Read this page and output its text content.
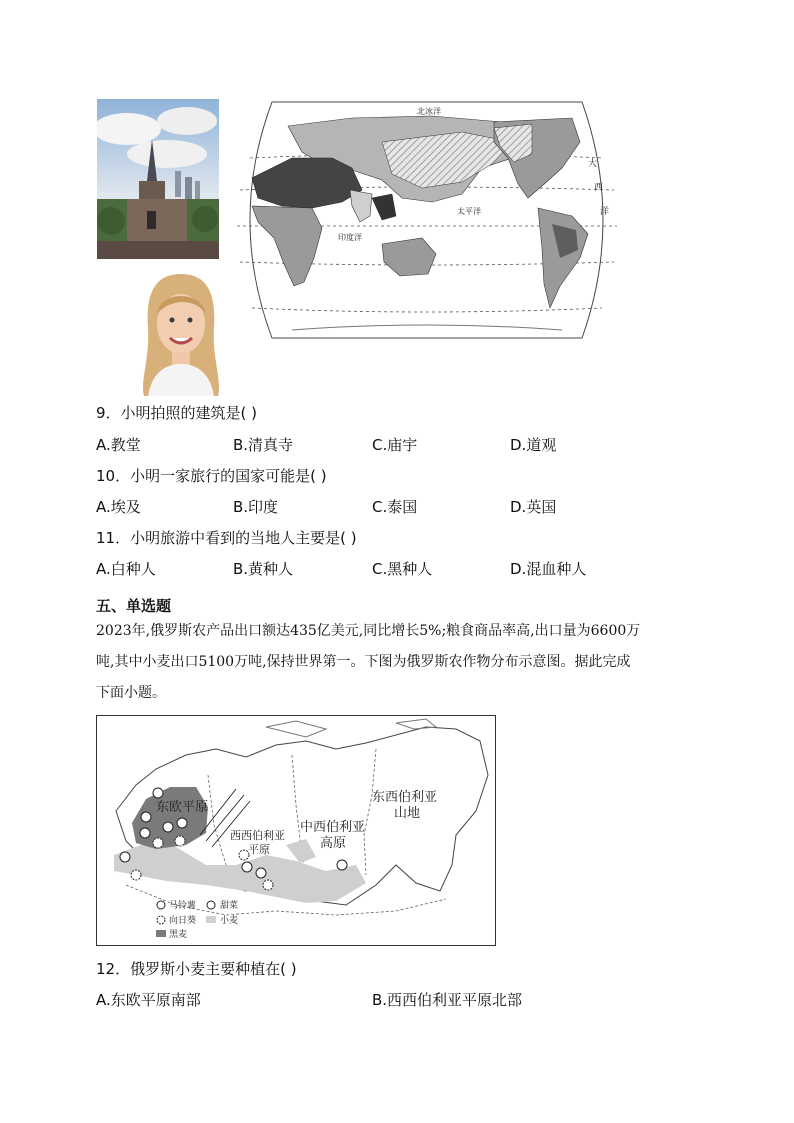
北冰洋
太平洋
印度洋
大
西
洋
9．小明拍照的建筑是( )
A.教堂	B.清真寺	C.庙宇	D.道观
10．小明一家旅行的国家可能是( )
A.埃及	B.印度	C.泰国	D.英国
11．小明旅游中看到的当地人主要是( )
A.白种人	B.黄种人	C.黑种人	D.混血种人
五、单选题
2023年,俄罗斯农产品出口额达435亿美元,同比增长5%;粮食商品率高,出口量为6600万
吨,其中小麦出口5100万吨,保持世界第一。下图为俄罗斯农作物分布示意图。据此完成
下面小题。
东欧平原
西西伯利亚
平原
中西伯利亚
高原
东西伯利亚
山地
马铃薯	甜菜
向日葵	小麦
黑麦
12．俄罗斯小麦主要种植在( )
A.东欧平原南部	B.西西伯利亚平原北部
